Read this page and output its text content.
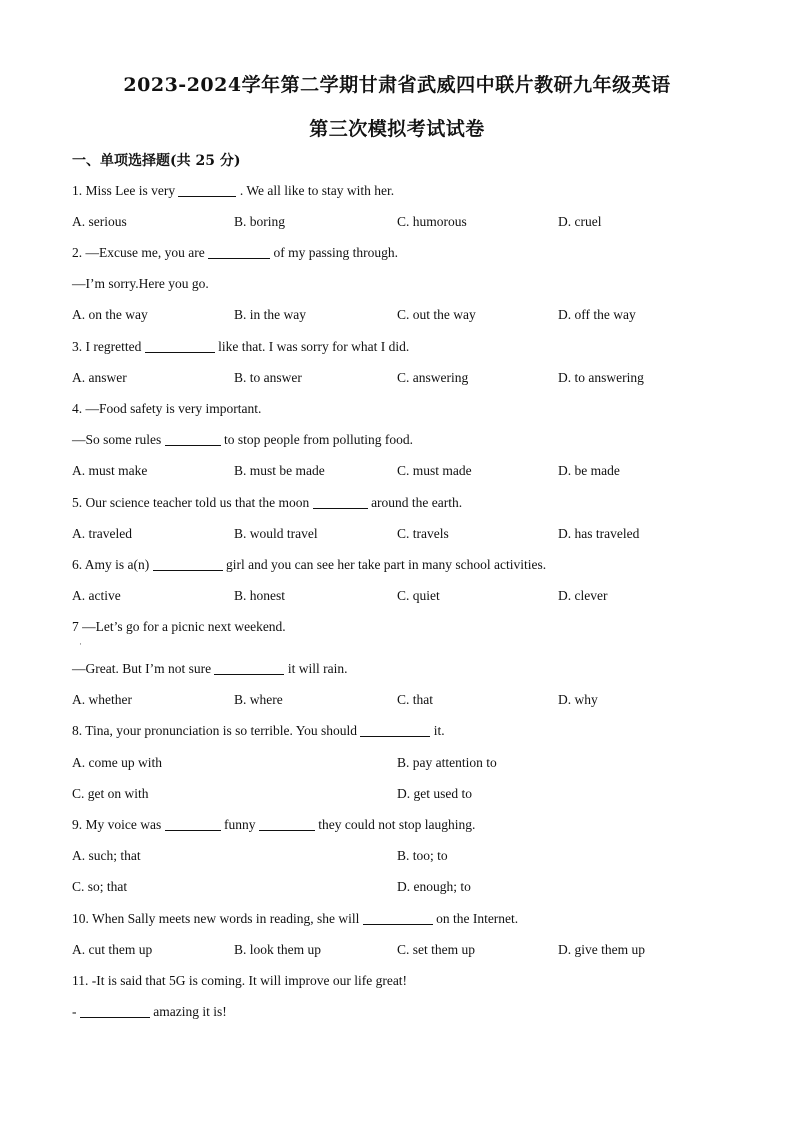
2023-2024学年第二学期甘肃省武威四中联片教研九年级英语
第三次模拟考试试卷
一、单项选择题(共 25 分)
1. Miss Lee is very	. We all like to stay with her.
A. serious	B. boring	C. humorous	D. cruel
2. —Excuse me, you are	of my passing through.
—I’m sorry.Here you go.
A. on the way	B. in the way	C. out the way	D. off the way
3. I regretted	like that. I was sorry for what I did.
A. answer	B. to answer	C. answering	D. to answering
4. —Food safety is very important.
—So some rules	to stop people from polluting food.
A. must make	B. must be made	C. must made	D. be made
5. Our science teacher told us that the moon	around the earth.
A. traveled	B. would travel	C. travels	D. has traveled
6. Amy is a(n)	girl and you can see her take part in many school activities.
A. active	B. honest	C. quiet	D. clever
7 —Let’s go for a picnic next weekend.
·
—Great. But I’m not sure	it will rain.
A. whether	B. where	C. that	D. why
8. Tina, your pronunciation is so terrible. You should	it.
A. come up with	B. pay attention to
C. get on with	D. get used to
9. My voice was	funny	they could not stop laughing.
A. such; that	B. too; to
C. so; that	D. enough; to
10. When Sally meets new words in reading, she will	on the Internet.
A. cut them up	B. look them up	C. set them up	D. give them up
11. -It is said that 5G is coming. It will improve our life great!
-	amazing it is!
